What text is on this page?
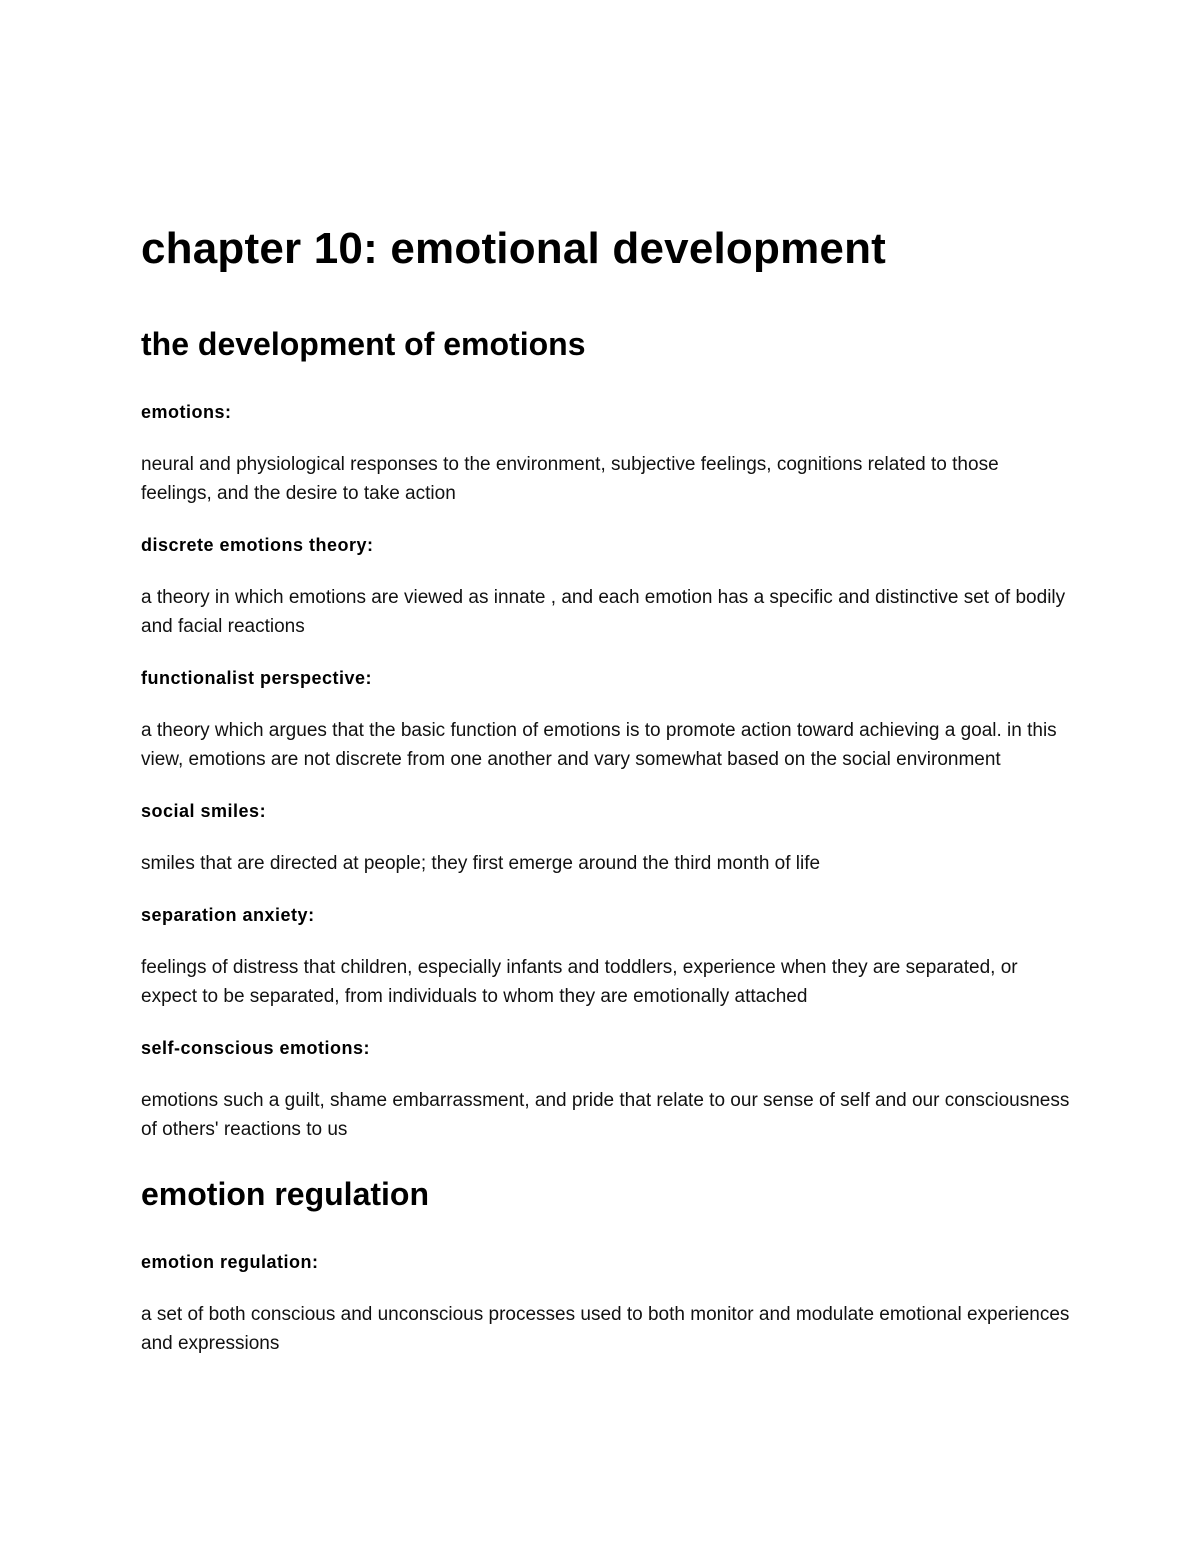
chapter 10: emotional development
the development of emotions

emotions:

neural and physiological responses to the environment, subjective feelings, cognitions related to those feelings, and the desire to take action

discrete emotions theory:

a theory in which emotions are viewed as innate , and each emotion has a specific and distinctive set of bodily and facial reactions

functionalist perspective:

a theory which argues that the basic function of emotions is to promote action toward achieving a goal. in this view, emotions are not discrete from one another and vary somewhat based on the social environment

social smiles:

smiles that are directed at people; they first emerge around the third month of life

separation anxiety:

feelings of distress that children, especially infants and toddlers, experience when they are separated, or expect to be separated, from individuals to whom they are emotionally attached

self-conscious emotions:

emotions such a guilt, shame embarrassment, and pride that relate to our sense of self and our consciousness of others' reactions to us

emotion regulation

emotion regulation:

a set of both conscious and unconscious processes used to both monitor and modulate emotional experiences and expressions
